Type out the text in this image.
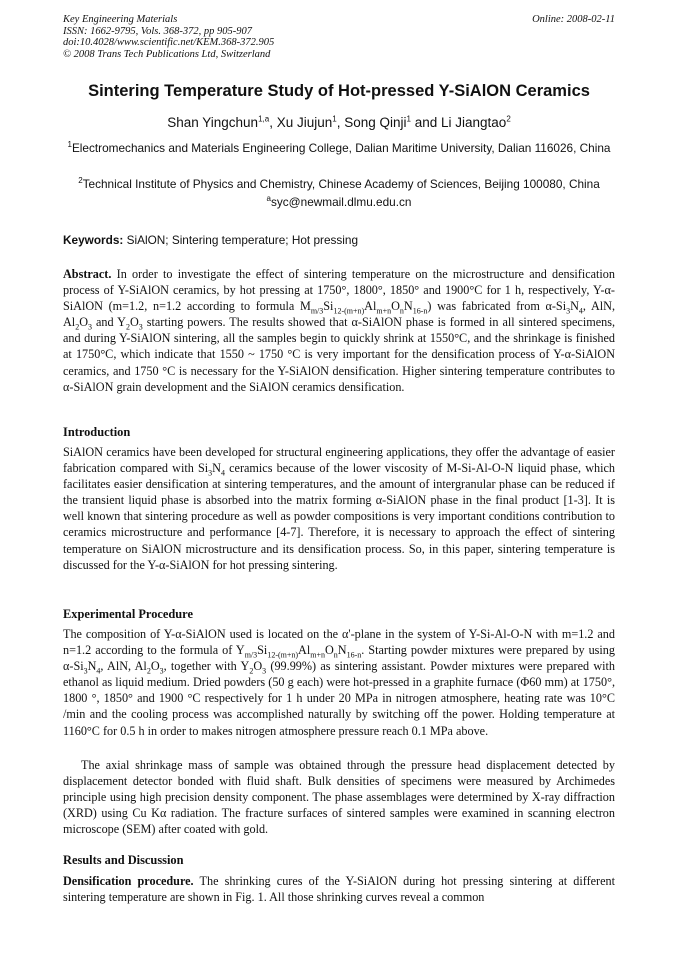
Key Engineering Materials
ISSN: 1662-9795, Vols. 368-372, pp 905-907
doi:10.4028/www.scientific.net/KEM.368-372.905
© 2008 Trans Tech Publications Ltd, Switzerland
Online: 2008-02-11
Sintering Temperature Study of Hot-pressed Y-SiAlON Ceramics
Shan Yingchun$^{1,a}$, Xu Jiujun$^1$, Song Qinji$^1$ and Li Jiangtao$^2$
$^1$Electromechanics and Materials Engineering College, Dalian Maritime University, Dalian 116026, China
$^2$Technical Institute of Physics and Chemistry, Chinese Academy of Sciences, Beijing 100080, China
$^a$syc@newmail.dlmu.edu.cn
Keywords: SiAlON; Sintering temperature; Hot pressing
Abstract. In order to investigate the effect of sintering temperature on the microstructure and densification process of Y-SiAlON ceramics, by hot pressing at 1750°, 1800°, 1850° and 1900°C for 1 h, respectively, Y-α-SiAlON (m=1.2, n=1.2 according to formula $M_{m/3}Si_{12-(m+n)}Al_{m+n}O_nN_{16-n}$) was fabricated from $\alpha-Si_3N_4$, AlN, $Al_2O_3$ and $Y_2O_3$ starting powers. The results showed that α-SiAlON phase is formed in all sintered specimens, and during Y-SiAlON sintering, all the samples begin to quickly shrink at 1550°C, and the shrinkage is finished at 1750°C, which indicate that 1550 ~ 1750 °C is very important for the densification process of Y-α-SiAlON ceramics, and 1750 °C is necessary for the Y-SiAlON densification. Higher sintering temperature contributes to α-SiAlON grain development and the SiAlON ceramics densification.
Introduction
SiAlON ceramics have been developed for structural engineering applications, they offer the advantage of easier fabrication compared with $Si_3N_4$ ceramics because of the lower viscosity of M-Si-Al-O-N liquid phase, which facilitates easier densification at sintering temperatures, and the amount of intergranular phase can be reduced if the transient liquid phase is absorbed into the matrix forming α-SiAlON phase in the final product [1-3]. It is well known that sintering procedure as well as powder compositions is very important conditions contribution to ceramics microstructure and performance [4-7]. Therefore, it is necessary to approach the effect of sintering temperature on SiAlON microstructure and its densification process. So, in this paper, sintering temperature is discussed for the Y-α-SiAlON for hot pressing sintering.
Experimental Procedure
The composition of Y-α-SiAlON used is located on the α'-plane in the system of Y-Si-Al-O-N with m=1.2 and n=1.2 according to the formula of $Y_{m/3}Si_{12-(m+n)}Al_{m+n}O_nN_{16-n}$. Starting powder mixtures were prepared by using $\alpha-Si_3N_4$, AlN, $Al_2O_3$, together with $Y_2O_3$ (99.99%) as sintering assistant. Powder mixtures were prepared with ethanol as liquid medium. Dried powders (50 g each) were hot-pressed in a graphite furnace (Φ60 mm) at 1750°, 1800 °, 1850° and 1900 °C respectively for 1 h under 20 MPa in nitrogen atmosphere, heating rate was 10°C /min and the cooling process was accomplished naturally by switching off the power. Holding temperature at 1160°C for 0.5 h in order to makes nitrogen atmosphere pressure reach 0.1 MPa above.
The axial shrinkage mass of sample was obtained through the pressure head displacement detected by displacement detector bonded with fluid shaft. Bulk densities of specimens were measured by Archimedes principle using high precision density component. The phase assemblages were determined by X-ray diffraction (XRD) using Cu Kα radiation. The fracture surfaces of sintered samples were examined in scanning electron microscope (SEM) after coated with gold.
Results and Discussion
Densification procedure. The shrinking cures of the Y-SiAlON during hot pressing sintering at different sintering temperature are shown in Fig. 1. All those shrinking curves reveal a common
